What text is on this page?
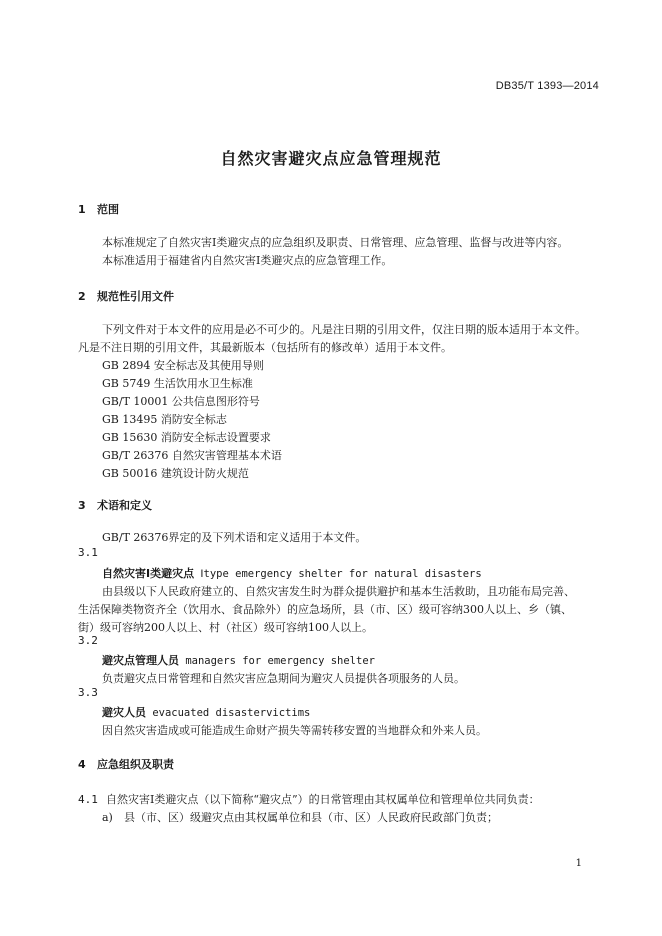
DB35/T 1393—2014
自然灾害避灾点应急管理规范
1 范围
本标准规定了自然灾害Ⅰ类避灾点的应急组织及职责、日常管理、应急管理、监督与改进等内容。
本标准适用于福建省内自然灾害Ⅰ类避灾点的应急管理工作。
2 规范性引用文件
下列文件对于本文件的应用是必不可少的。凡是注日期的引用文件，仅注日期的版本适用于本文件。
凡是不注日期的引用文件，其最新版本（包括所有的修改单）适用于本文件。
GB 2894 安全标志及其使用导则
GB 5749 生活饮用水卫生标准
GB/T 10001 公共信息图形符号
GB 13495 消防安全标志
GB 15630 消防安全标志设置要求
GB/T 26376 自然灾害管理基本术语
GB 50016 建筑设计防火规范
3 术语和定义
GB/T 26376界定的及下列术语和定义适用于本文件。
3.1
自然灾害Ⅰ类避灾点 Ⅰtype emergency shelter for natural disasters
由县级以下人民政府建立的、自然灾害发生时为群众提供避护和基本生活救助，且功能布局完善、
生活保障类物资齐全（饮用水、食品除外）的应急场所，县（市、区）级可容纳300人以上、乡（镇、
街）级可容纳200人以上、村（社区）级可容纳100人以上。
3.2
避灾点管理人员 managers for emergency shelter
负责避灾点日常管理和自然灾害应急期间为避灾人员提供各项服务的人员。
3.3
避灾人员 evacuated disastervictims
因自然灾害造成或可能造成生命财产损失等需转移安置的当地群众和外来人员。
4 应急组织及职责
4.1 自然灾害Ⅰ类避灾点（以下简称“避灾点”）的日常管理由其权属单位和管理单位共同负责：
a) 县（市、区）级避灾点由其权属单位和县（市、区）人民政府民政部门负责；
1
